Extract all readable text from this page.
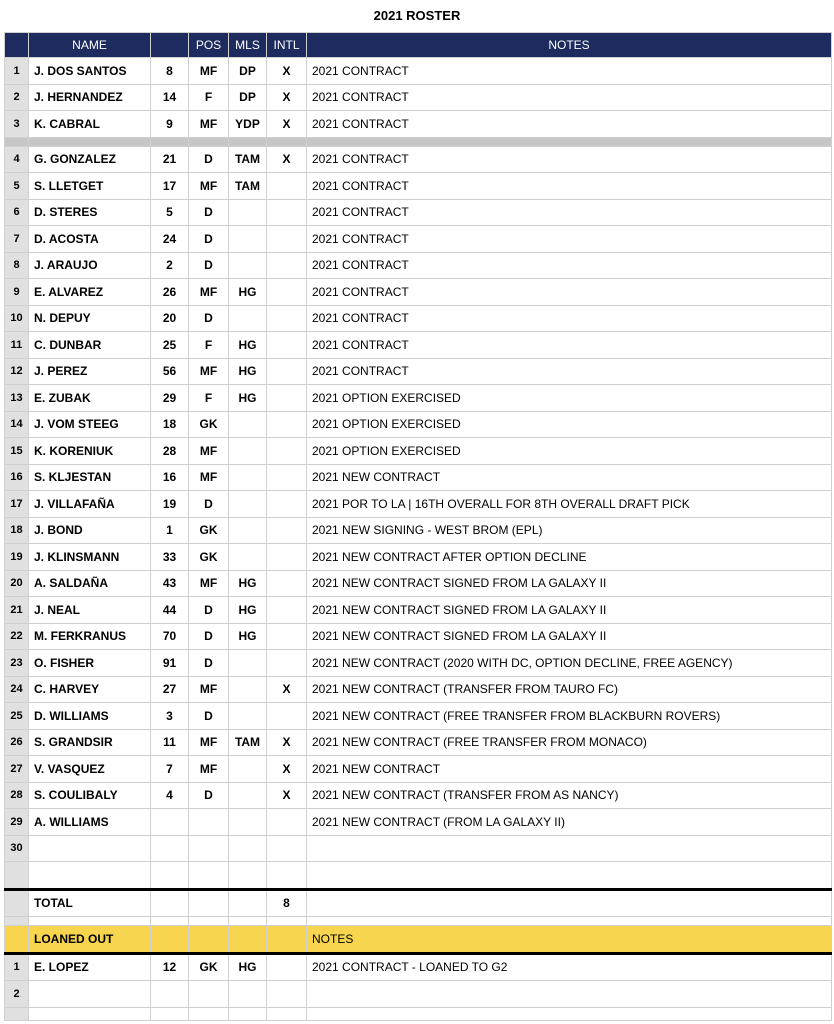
2021 ROSTER
	NAME		POS	MLS	INTL	NOTES
1	J. DOS SANTOS	8	MF	DP	X	2021 CONTRACT
2	J. HERNANDEZ	14	F	DP	X	2021 CONTRACT
3	K. CABRAL	9	MF	YDP	X	2021 CONTRACT

4	G. GONZALEZ	21	D	TAM	X	2021 CONTRACT
5	S. LLETGET	17	MF	TAM		2021 CONTRACT
6	D. STERES	5	D			2021 CONTRACT
7	D. ACOSTA	24	D			2021 CONTRACT
8	J. ARAUJO	2	D			2021 CONTRACT
9	E. ALVAREZ	26	MF	HG		2021 CONTRACT
10	N. DEPUY	20	D			2021 CONTRACT
11	C. DUNBAR	25	F	HG		2021 CONTRACT
12	J. PEREZ	56	MF	HG		2021 CONTRACT
13	E. ZUBAK	29	F	HG		2021 OPTION EXERCISED
14	J. VOM STEEG	18	GK			2021 OPTION EXERCISED
15	K. KORENIUK	28	MF			2021 OPTION EXERCISED
16	S. KLJESTAN	16	MF			2021 NEW CONTRACT
17	J. VILLAFAÑA	19	D			2021 POR TO LA | 16TH OVERALL FOR 8TH OVERALL DRAFT PICK
18	J. BOND	1	GK			2021 NEW SIGNING - WEST BROM (EPL)
19	J. KLINSMANN	33	GK			2021 NEW CONTRACT AFTER OPTION DECLINE
20	A. SALDAÑA	43	MF	HG		2021 NEW CONTRACT SIGNED FROM LA GALAXY II
21	J. NEAL	44	D	HG		2021 NEW CONTRACT SIGNED FROM LA GALAXY II
22	M. FERKRANUS	70	D	HG		2021 NEW CONTRACT SIGNED FROM LA GALAXY II
23	O. FISHER	91	D			2021 NEW CONTRACT (2020 WITH DC, OPTION DECLINE, FREE AGENCY)
24	C. HARVEY	27	MF		X	2021 NEW CONTRACT (TRANSFER FROM TAURO FC)
25	D. WILLIAMS	3	D			2021 NEW CONTRACT (FREE TRANSFER FROM BLACKBURN ROVERS)
26	S. GRANDSIR	11	MF	TAM	X	2021 NEW CONTRACT (FREE TRANSFER FROM MONACO)
27	V. VASQUEZ	7	MF		X	2021 NEW CONTRACT
28	S. COULIBALY	4	D		X	2021 NEW CONTRACT (TRANSFER FROM AS NANCY)
29	A. WILLIAMS					2021 NEW CONTRACT (FROM LA GALAXY II)
30						

	TOTAL				8	

	LOANED OUT					NOTES
1	E. LOPEZ	12	GK	HG		2021 CONTRACT - LOANED TO G2
2						
